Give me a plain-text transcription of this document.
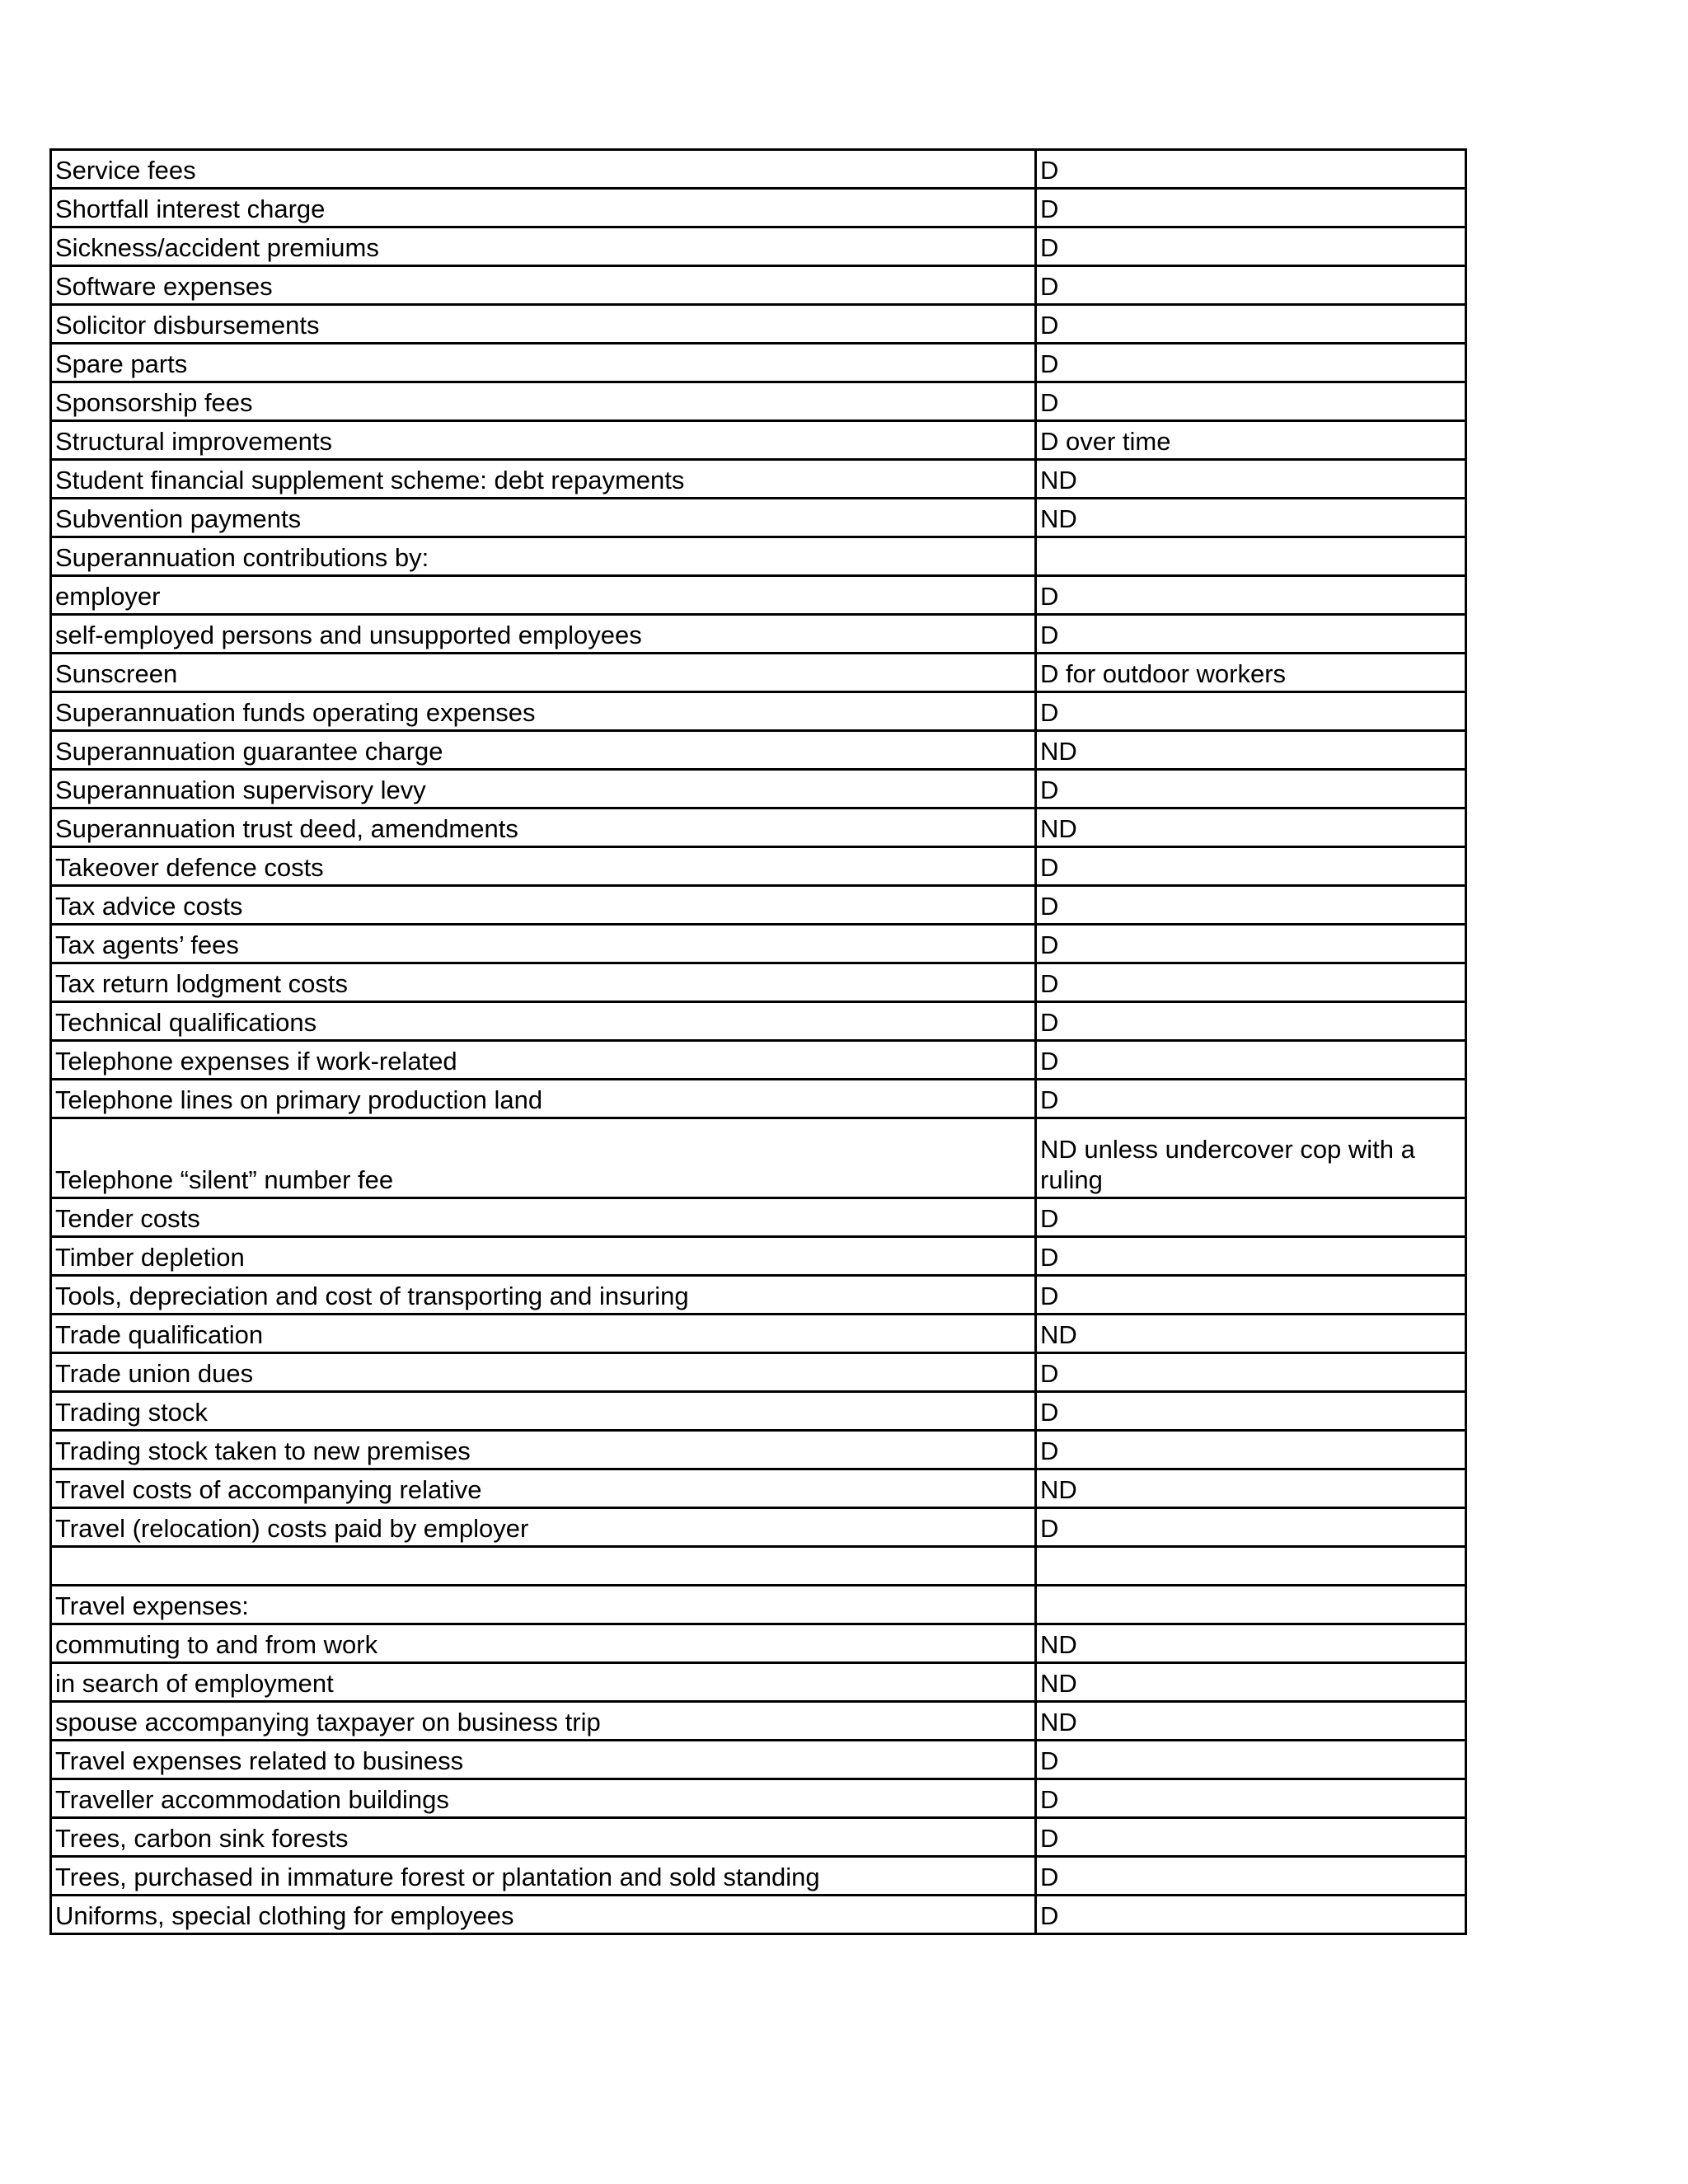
Service fees	D
Shortfall interest charge	D
Sickness/accident premiums	D
Software expenses	D
Solicitor disbursements	D
Spare parts	D
Sponsorship fees	D
Structural improvements	D over time
Student financial supplement scheme: debt repayments	ND
Subvention payments	ND
Superannuation contributions by:	
employer	D
self-employed persons and unsupported employees	D
Sunscreen	D for outdoor workers
Superannuation funds operating expenses	D
Superannuation guarantee charge	ND
Superannuation supervisory levy	D
Superannuation trust deed, amendments	ND
Takeover defence costs	D
Tax advice costs	D
Tax agents’ fees	D
Tax return lodgment costs	D
Technical qualifications	D
Telephone expenses if work-related	D
Telephone lines on primary production land	D
Telephone “silent” number fee	ND unless undercover cop with a ruling
Tender costs	D
Timber depletion	D
Tools, depreciation and cost of transporting and insuring	D
Trade qualification	ND
Trade union dues	D
Trading stock	D
Trading stock taken to new premises	D
Travel costs of accompanying relative	ND
Travel (relocation) costs paid by employer	D

Travel expenses:	
commuting to and from work	ND
in search of employment	ND
spouse accompanying taxpayer on business trip	ND
Travel expenses related to business	D
Traveller accommodation buildings	D
Trees, carbon sink forests	D
Trees, purchased in immature forest or plantation and sold standing	D
Uniforms, special clothing for employees	D
